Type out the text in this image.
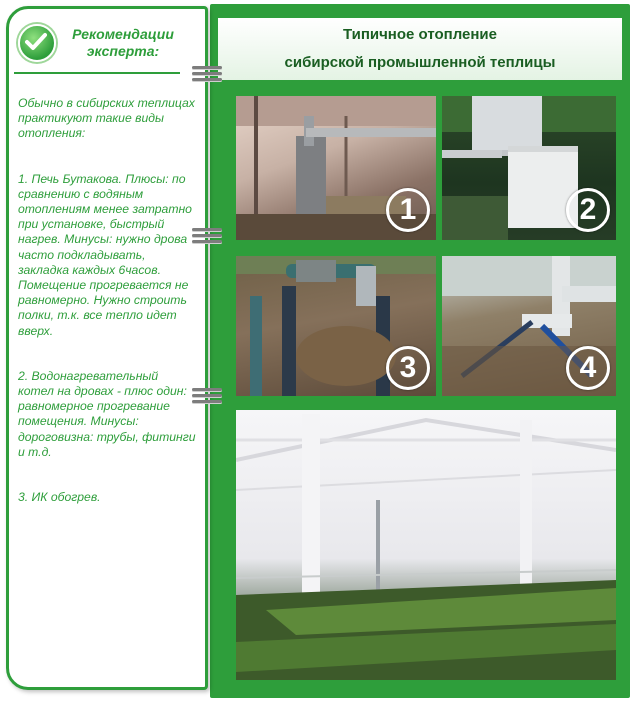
Типичное отопление
сибирской промышленной теплицы
1	2
3	4
Рекомендации эксперта:

Обычно в сибирских теплицах практикуют такие виды отопления:

1. Печь Бутакова. Плюсы: по сравнению с водяным отоплениям менее затратно при установке, быстрый нагрев. Минусы: нужно дрова часто подкладывать, закладка каждых 6часов. Помещение прогревается не равномерно. Нужно строить полки, т.к. все тепло идет вверх.

2. Водонагревательный котел на дровах - плюс один: равномерное прогревание помещения. Минусы: дороговизна: трубы, фитинги и т.д.

3. ИК обогрев.
